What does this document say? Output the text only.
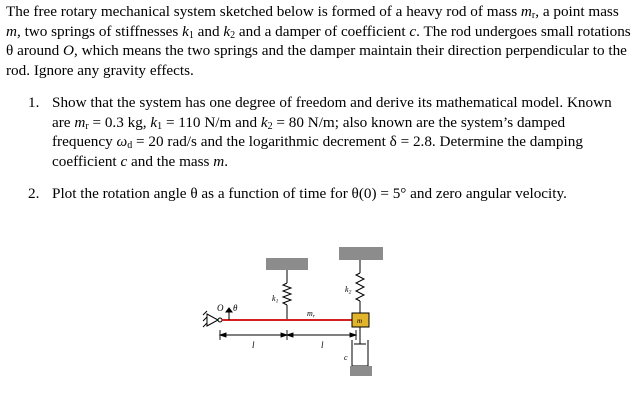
The free rotary mechanical system sketched below is formed of a heavy rod of mass $m_r$, a point mass m, two springs of stiffnesses $k_1$ and $k_2$ and a damper of coefficient c. The rod undergoes small rotations θ around O, which means the two springs and the damper maintain their direction perpendicular to the rod. Ignore any gravity effects.

1. Show that the system has one degree of freedom and derive its mathematical model. Known are $m_r = 0.3$ kg, $k_1 = 110$ N/m and $k_2 = 80$ N/m; also known are the system’s damped frequency $\omega_d = 20$ rad/s and the logarithmic decrement δ = 2.8. Determine the damping coefficient c and the mass m.
2. Plot the rotation angle θ as a function of time for θ(0) = 5° and zero angular velocity.
O θ
k1
k2
mr
m
c
l	l
